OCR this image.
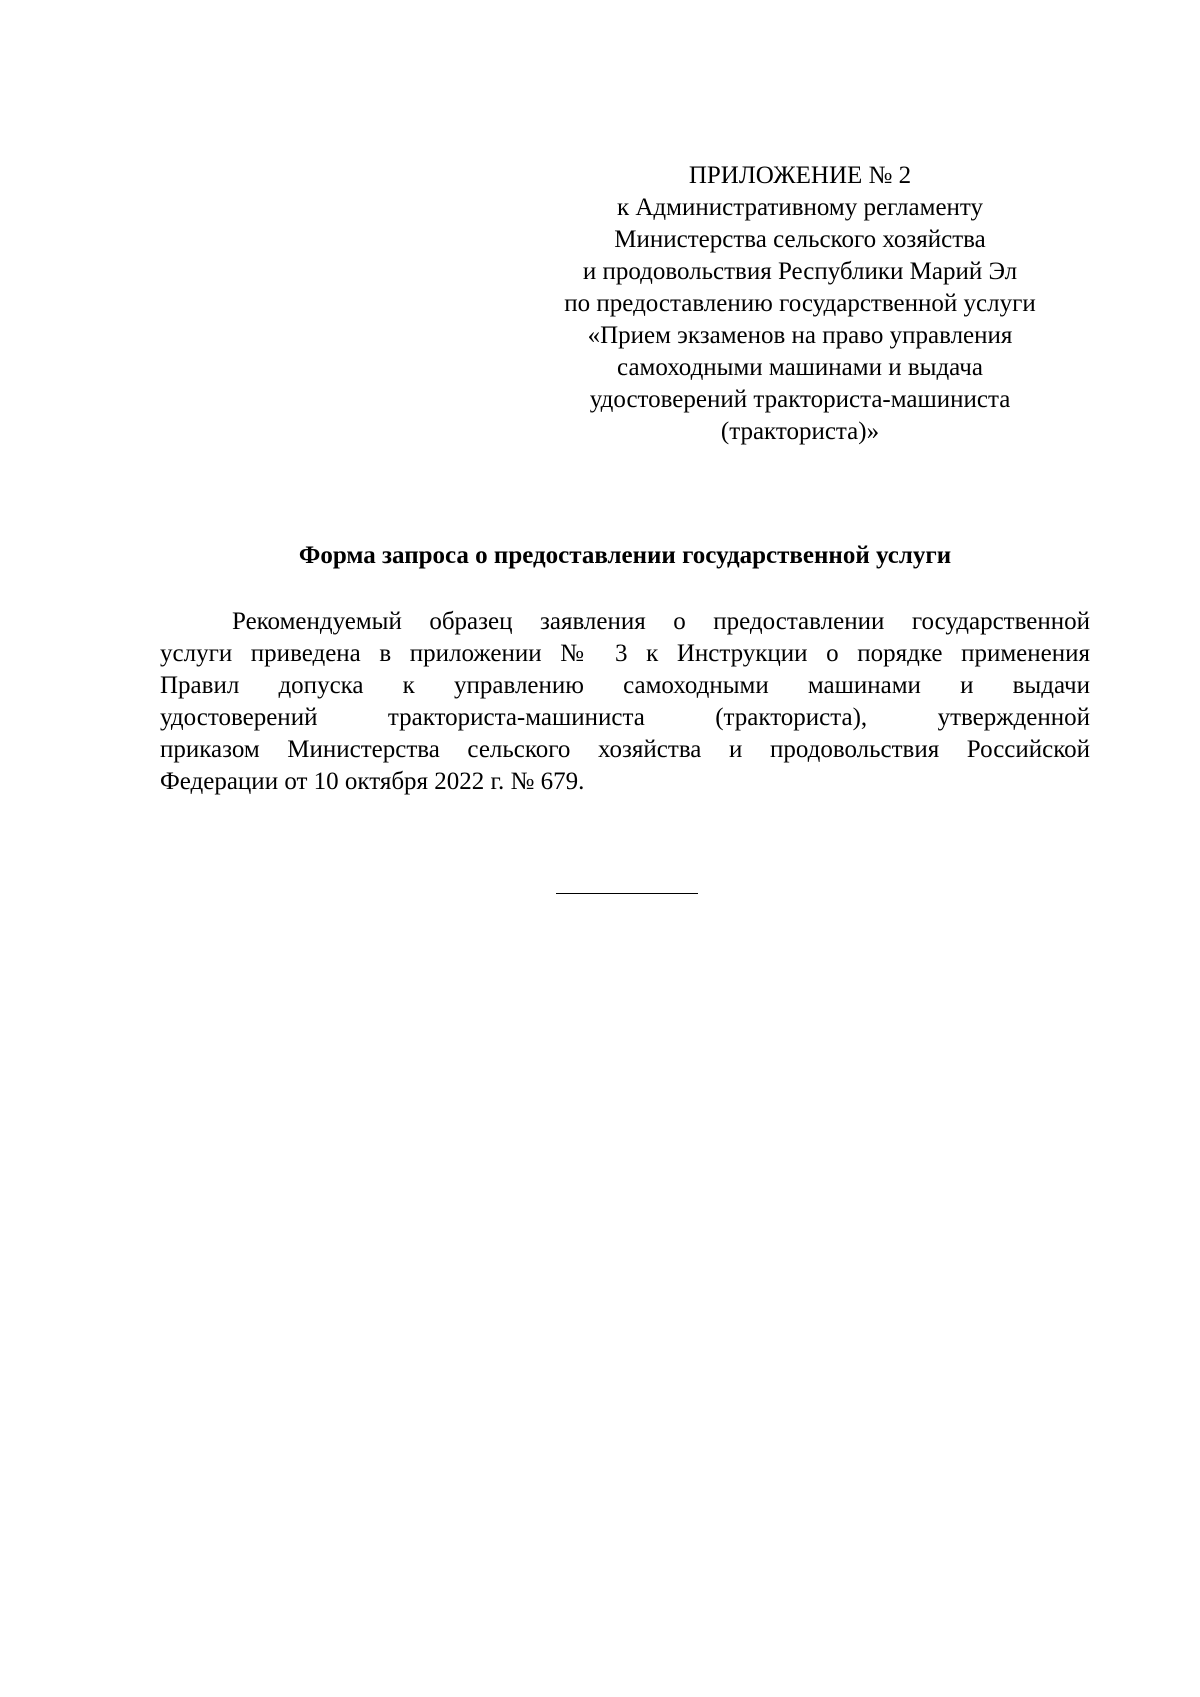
ПРИЛОЖЕНИЕ № 2
к Административному регламенту
Министерства сельского хозяйства
и продовольствия Республики Марий Эл
по предоставлению государственной услуги
«Прием экзаменов на право управления
самоходными машинами и выдача
удостоверений тракториста-машиниста
(тракториста)»
Форма запроса о предоставлении государственной услуги
Рекомендуемый образец заявления о предоставлении государственной
услуги приведена в приложении № 3 к Инструкции о порядке применения
Правил допуска к управлению самоходными машинами и выдачи
удостоверений тракториста-машиниста (тракториста), утвержденной
приказом Министерства сельского хозяйства и продовольствия Российской
Федерации от 10 октября 2022 г. № 679.
